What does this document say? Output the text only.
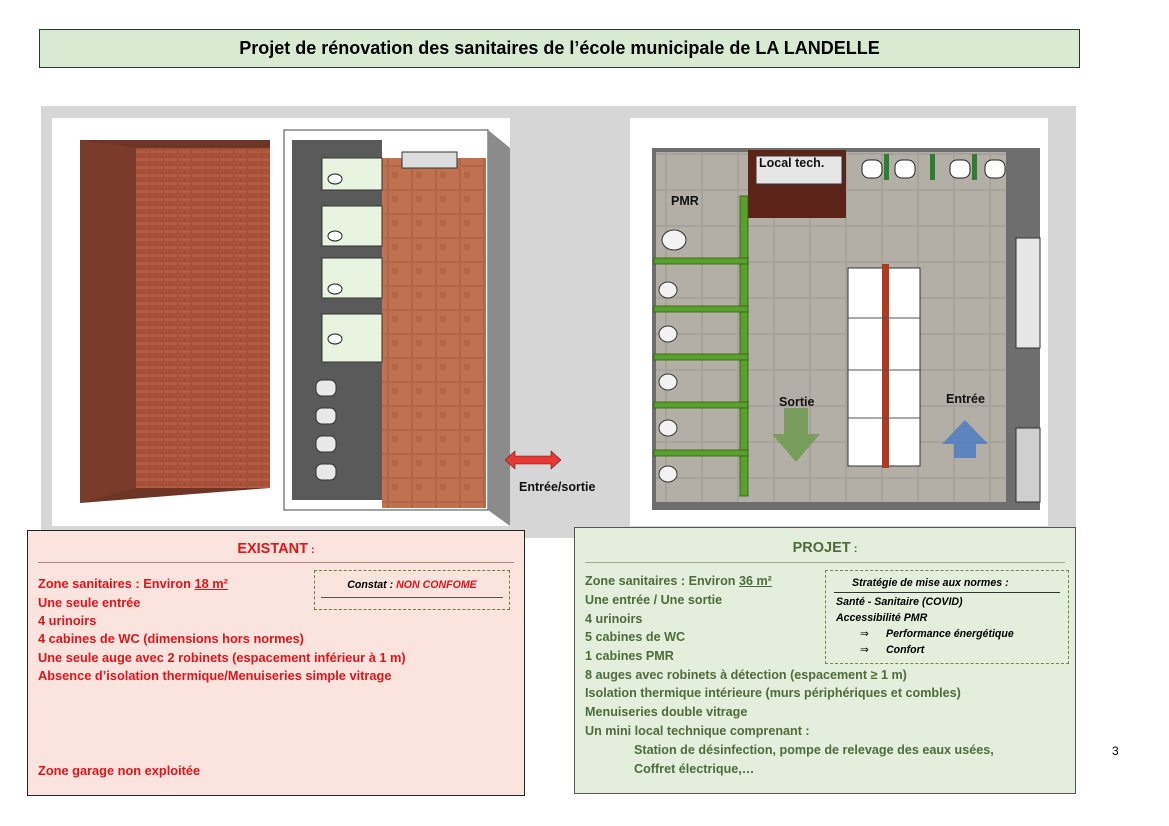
Projet de rénovation des sanitaires de l’école municipale de LA LANDELLE
Entrée/sortie
Local tech.
PMR
Sortie	Entrée
EXISTANT :
Zone sanitaires : Environ 18 m²
Une seule entrée
4 urinoirs
4 cabines de WC (dimensions hors normes)
Une seule auge avec 2 robinets (espacement inférieur à 1 m)
Absence d’isolation thermique/Menuiseries simple vitrage
Zone garage non exploitée
Constat : NON CONFOME
PROJET :
Zone sanitaires : Environ 36 m²
Une entrée / Une sortie
4 urinoirs
5 cabines de WC
1 cabines PMR
8 auges avec robinets à détection (espacement ≥ 1 m)
Isolation thermique intérieure (murs périphériques et combles)
Menuiseries double vitrage
Un mini local technique comprenant :
Station de désinfection, pompe de relevage des eaux usées,
Coffret électrique,…
Stratégie de mise aux normes :
Santé - Sanitaire (COVID)
Accessibilité PMR
⇒ Performance énergétique
⇒ Confort
3
